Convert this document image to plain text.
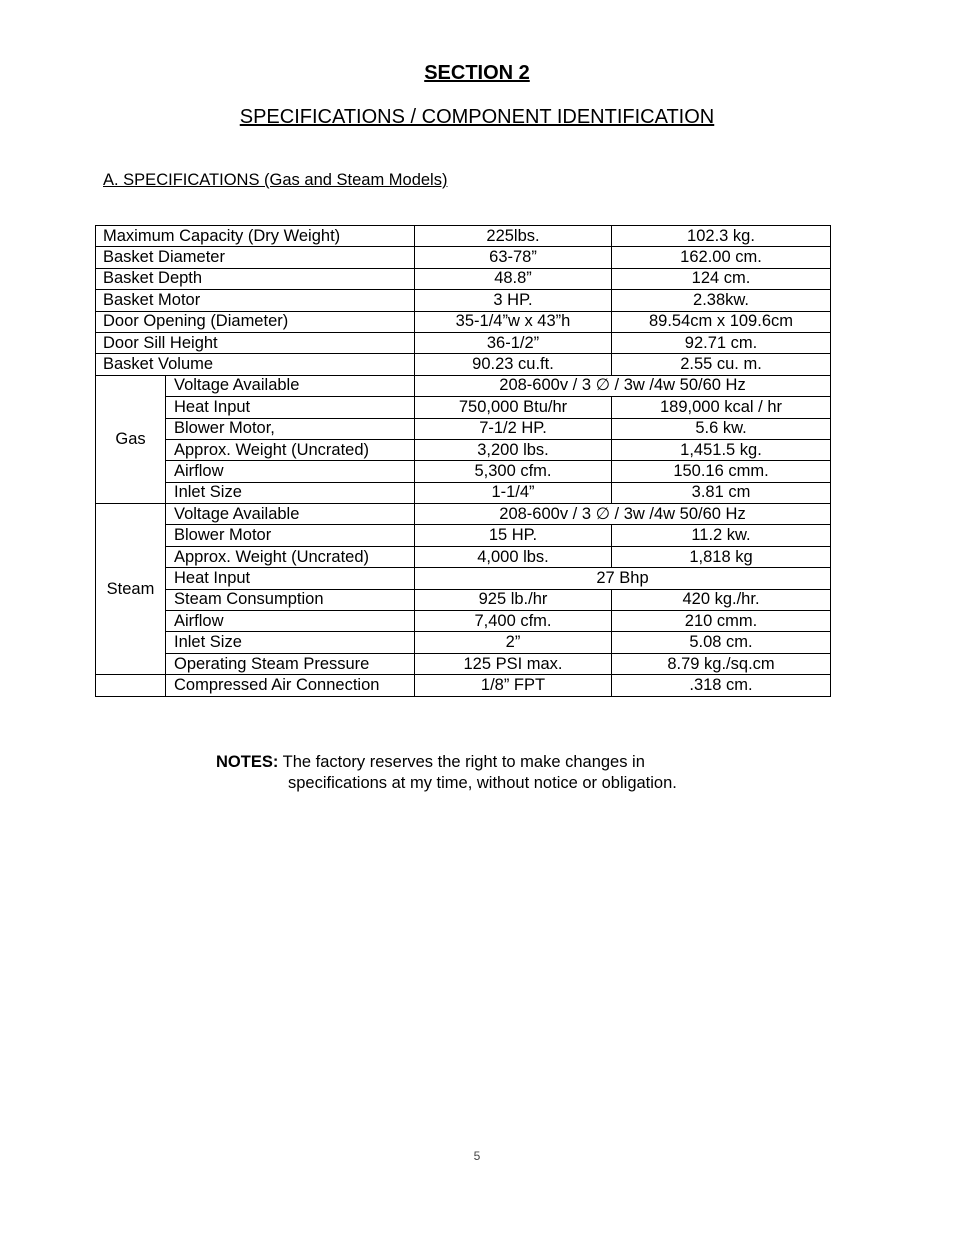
SECTION 2
SPECIFICATIONS / COMPONENT IDENTIFICATION
A. SPECIFICATIONS (Gas and Steam Models)
Maximum Capacity (Dry Weight)		225lbs.	102.3 kg.
Basket Diameter		63-78”	162.00 cm.
Basket Depth		48.8”	124 cm.
Basket Motor		3 HP.	2.38kw.
Door Opening (Diameter)		35-1/4”w x 43”h	89.54cm x 109.6cm
Door Sill Height		36-1/2”	92.71 cm.
Basket Volume		90.23 cu.ft.	2.55 cu. m.
Gas	Voltage Available	208-600v / 3 ∅ / 3w /4w 50/60 Hz	
	Heat Input	750,000 Btu/hr	189,000 kcal / hr
	Blower Motor,	7-1/2 HP.	5.6 kw.
	Approx. Weight (Uncrated)	3,200 lbs.	1,451.5 kg.
	Airflow	5,300 cfm.	150.16 cmm.
	Inlet Size	1-1/4”	3.81 cm
Steam	Voltage Available	208-600v / 3 ∅ / 3w /4w 50/60 Hz	
	Blower Motor	15 HP.	11.2 kw.
	Approx. Weight (Uncrated)	4,000 lbs.	1,818 kg
	Heat Input	27 Bhp	
	Steam Consumption	925 lb./hr	420 kg./hr.
	Airflow	7,400 cfm.	210 cmm.
	Inlet Size	2”	5.08 cm.
	Operating Steam Pressure	125 PSI max.	8.79 kg./sq.cm
	Compressed Air Connection	1/8” FPT	.318 cm.
NOTES: The factory reserves the right to make changes in
specifications at my time, without notice or obligation.
5
